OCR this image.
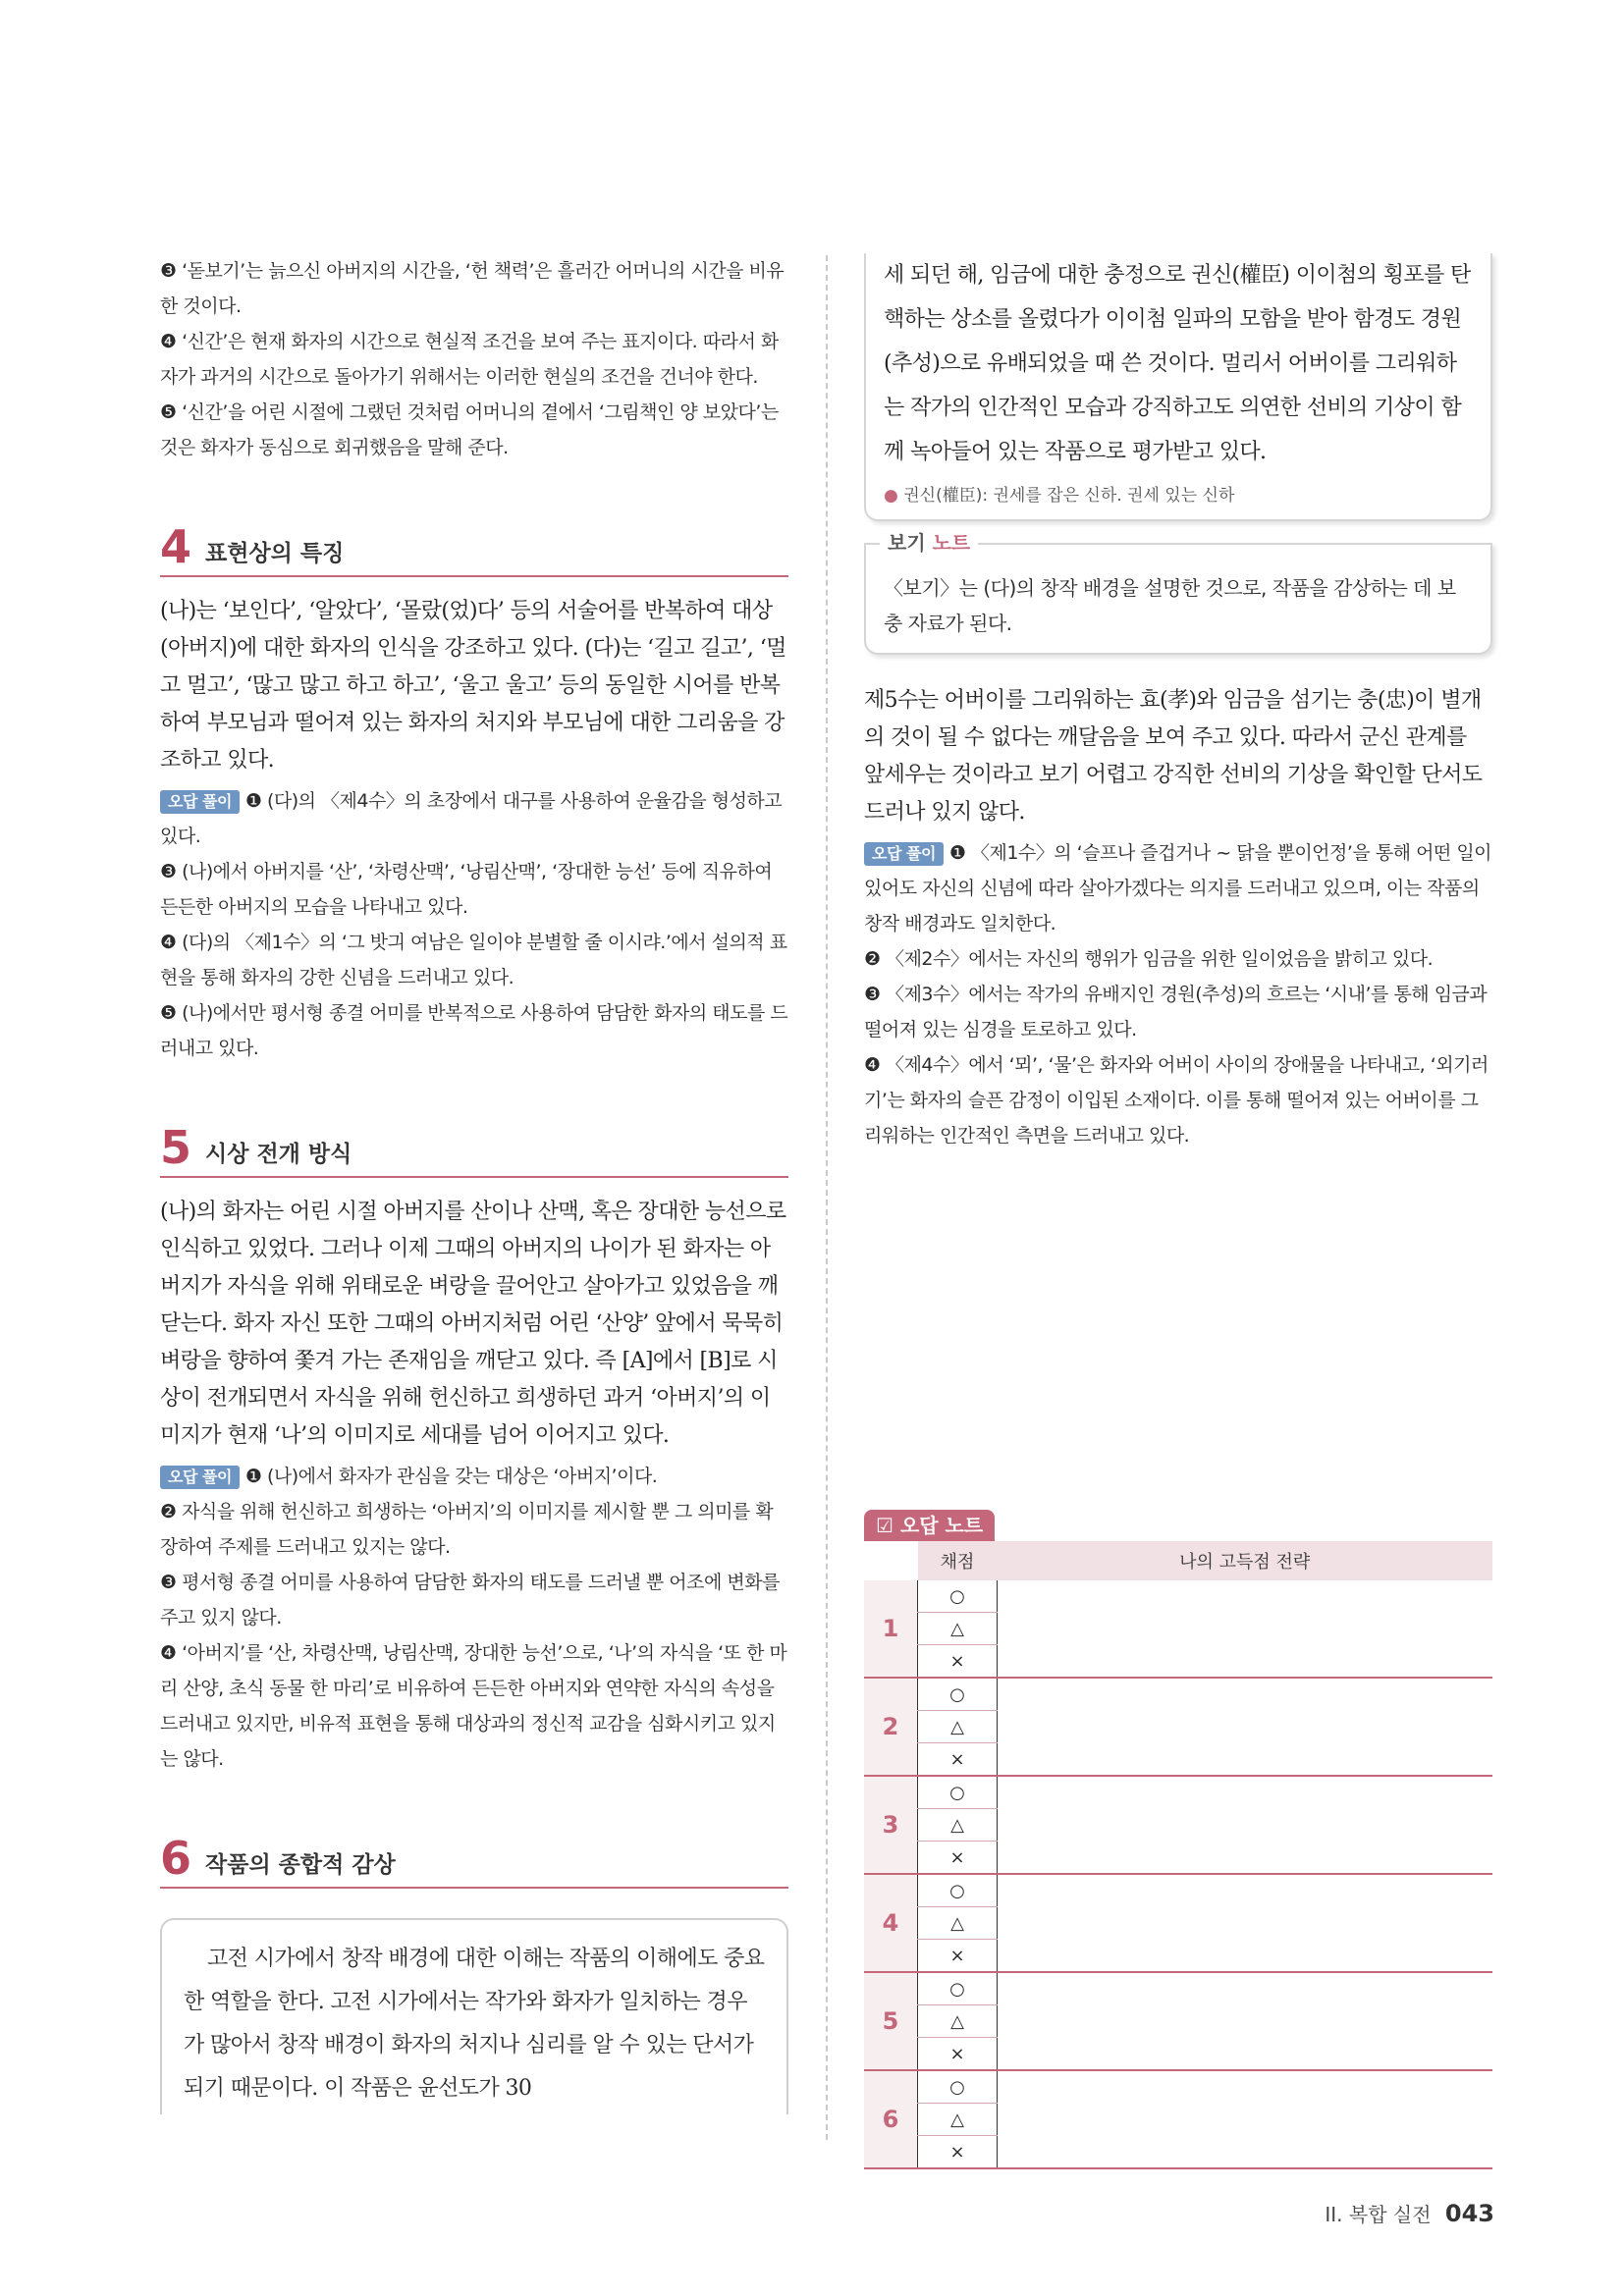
❸ ‘돋보기’는 늙으신 아버지의 시간을, ‘헌 책력’은 흘러간 어머니의 시간을 비유한 것이다.

❹ ‘신간’은 현재 화자의 시간으로 현실적 조건을 보여 주는 표지이다. 따라서 화자가 과거의 시간으로 돌아가기 위해서는 이러한 현실의 조건을 건너야 한다.

❺ ‘신간’을 어린 시절에 그랬던 것처럼 어머니의 곁에서 ‘그림책인 양 보았다’는 것은 화자가 동심으로 회귀했음을 말해 준다.

4 표현상의 특징

(나)는 ‘보인다’, ‘알았다’, ‘몰랐(었)다’ 등의 서술어를 반복하여 대상(아버지)에 대한 화자의 인식을 강조하고 있다. (다)는 ‘길고 길고’, ‘멀고 멀고’, ‘많고 많고 하고 하고’, ‘울고 울고’ 등의 동일한 시어를 반복하여 부모님과 떨어져 있는 화자의 처지와 부모님에 대한 그리움을 강조하고 있다.

오답 풀이 ❶ (다)의 〈제4수〉의 초장에서 대구를 사용하여 운율감을 형성하고 있다.

❸ (나)에서 아버지를 ‘산’, ‘차령산맥’, ‘낭림산맥’, ‘장대한 능선’ 등에 직유하여 든든한 아버지의 모습을 나타내고 있다.

❹ (다)의 〈제1수〉의 ‘그 밧긔 여남은 일이야 분별할 줄 이시랴.’에서 설의적 표현을 통해 화자의 강한 신념을 드러내고 있다.

❺ (나)에서만 평서형 종결 어미를 반복적으로 사용하여 담담한 화자의 태도를 드러내고 있다.

5 시상 전개 방식

(나)의 화자는 어린 시절 아버지를 산이나 산맥, 혹은 장대한 능선으로 인식하고 있었다. 그러나 이제 그때의 아버지의 나이가 된 화자는 아버지가 자식을 위해 위태로운 벼랑을 끌어안고 살아가고 있었음을 깨닫는다. 화자 자신 또한 그때의 아버지처럼 어린 ‘산양’ 앞에서 묵묵히 벼랑을 향하여 쫓겨 가는 존재임을 깨닫고 있다. 즉 [A]에서 [B]로 시상이 전개되면서 자식을 위해 헌신하고 희생하던 과거 ‘아버지’의 이미지가 현재 ‘나’의 이미지로 세대를 넘어 이어지고 있다.

오답 풀이 ❶ (나)에서 화자가 관심을 갖는 대상은 ‘아버지’이다.

❷ 자식을 위해 헌신하고 희생하는 ‘아버지’의 이미지를 제시할 뿐 그 의미를 확장하여 주제를 드러내고 있지는 않다.

❸ 평서형 종결 어미를 사용하여 담담한 화자의 태도를 드러낼 뿐 어조에 변화를 주고 있지 않다.

❹ ‘아버지’를 ‘산, 차령산맥, 낭림산맥, 장대한 능선’으로, ‘나’의 자식을 ‘또 한 마리 산양, 초식 동물 한 마리’로 비유하여 든든한 아버지와 연약한 자식의 속성을 드러내고 있지만, 비유적 표현을 통해 대상과의 정신적 교감을 심화시키고 있지는 않다.

6 작품의 종합적 감상

고전 시가에서 창작 배경에 대한 이해는 작품의 이해에도 중요한 역할을 한다. 고전 시가에서는 작가와 화자가 일치하는 경우가 많아서 창작 배경이 화자의 처지나 심리를 알 수 있는 단서가 되기 때문이다. 이 작품은 윤선도가 30

세 되던 해, 임금에 대한 충정으로 권신(權臣) 이이첨의 횡포를 탄핵하는 상소를 올렸다가 이이첨 일파의 모함을 받아 함경도 경원(추성)으로 유배되었을 때 쓴 것이다. 멀리서 어버이를 그리워하는 작가의 인간적인 모습과 강직하고도 의연한 선비의 기상이 함께 녹아들어 있는 작품으로 평가받고 있다.

● 권신(權臣): 권세를 잡은 신하. 권세 있는 신하

보기 노트

〈보기〉는 (다)의 창작 배경을 설명한 것으로, 작품을 감상하는 데 보충 자료가 된다.

제5수는 어버이를 그리워하는 효(孝)와 임금을 섬기는 충(忠)이 별개의 것이 될 수 없다는 깨달음을 보여 주고 있다. 따라서 군신 관계를 앞세우는 것이라고 보기 어렵고 강직한 선비의 기상을 확인할 단서도 드러나 있지 않다.

오답 풀이 ❶ 〈제1수〉의 ‘슬프나 즐겁거나 ~ 닭을 뿐이언정’을 통해 어떤 일이 있어도 자신의 신념에 따라 살아가겠다는 의지를 드러내고 있으며, 이는 작품의 창작 배경과도 일치한다.

❷ 〈제2수〉에서는 자신의 행위가 임금을 위한 일이었음을 밝히고 있다.

❸ 〈제3수〉에서는 작가의 유배지인 경원(추성)의 흐르는 ‘시내’를 통해 임금과 떨어져 있는 심경을 토로하고 있다.

❹ 〈제4수〉에서 ‘뫼’, ‘물’은 화자와 어버이 사이의 장애물을 나타내고, ‘외기러기’는 화자의 슬픈 감정이 이입된 소재이다. 이를 통해 떨어져 있는 어버이를 그리워하는 인간적인 측면을 드러내고 있다.

☑ 오답 노트
	채점	나의 고득점 전략
1	○	
	△	
	×	
2	○	
	△	
	×	
3	○	
	△	
	×	
4	○	
	△	
	×	
5	○	
	△	
	×	
6	○	
	△	
	×	
II. 복합 실전 043
